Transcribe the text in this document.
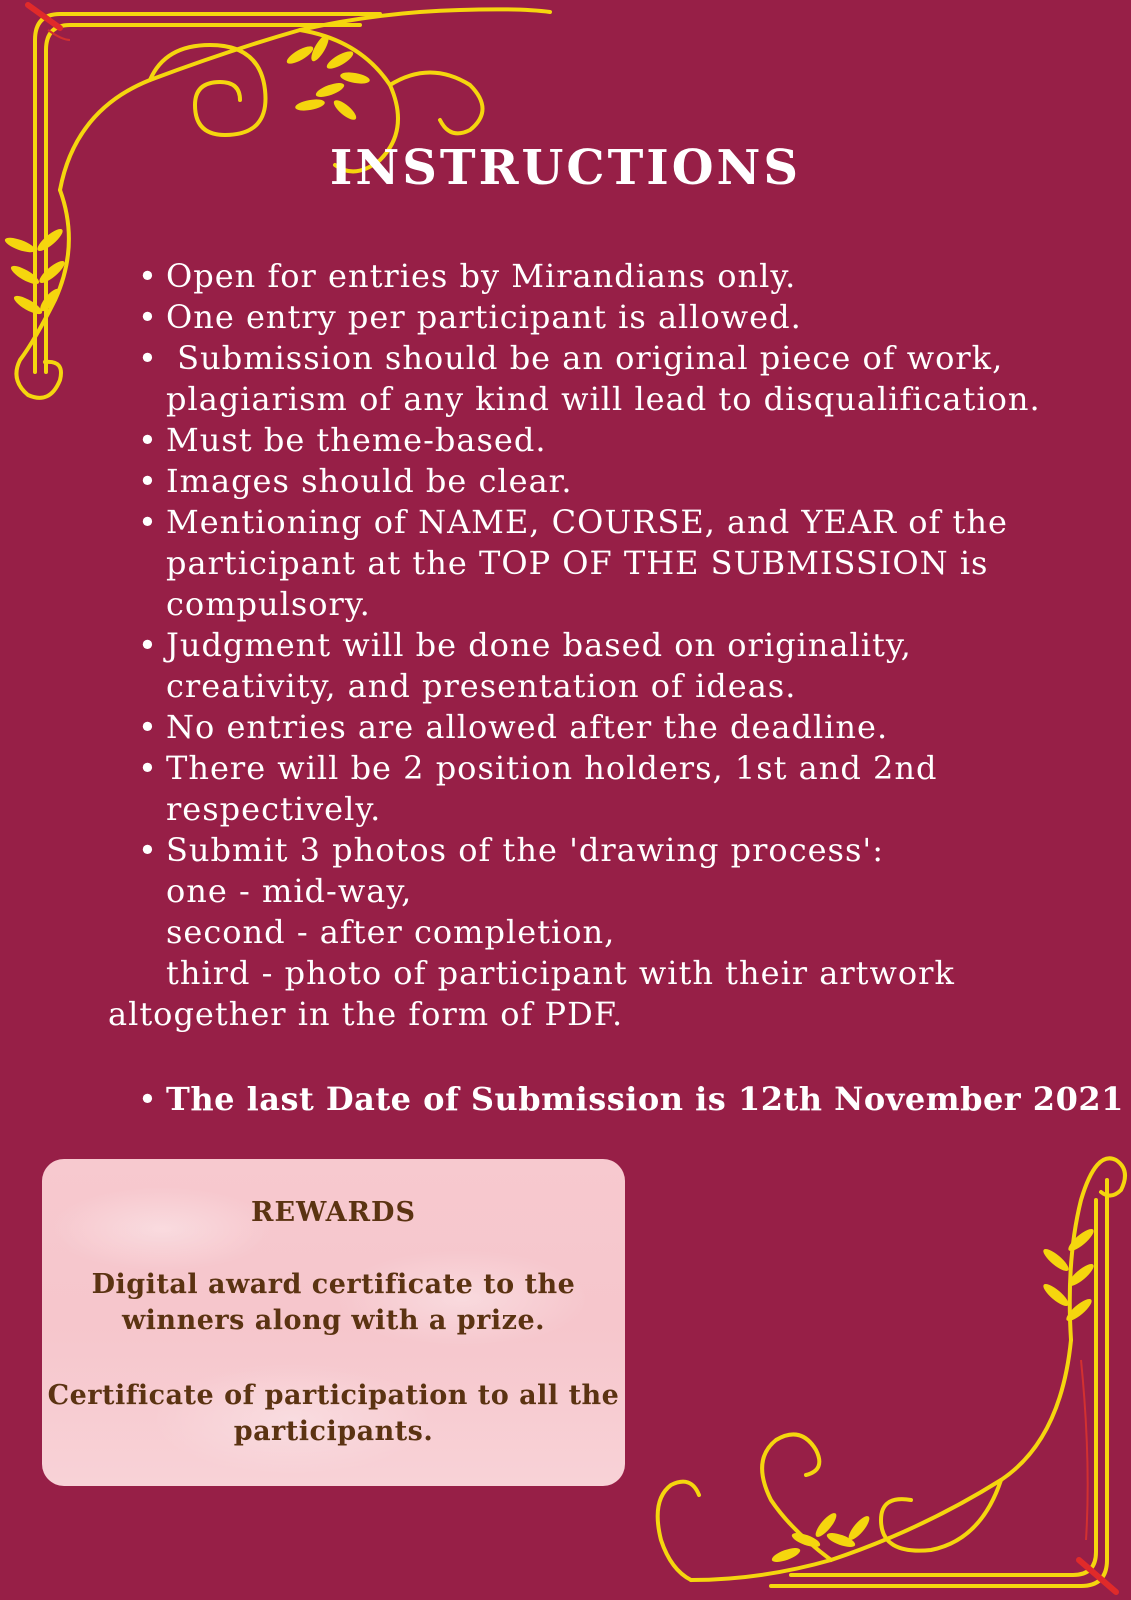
INSTRUCTIONS
• Open for entries by Mirandians only.
• One entry per participant is allowed.
• Submission should be an original piece of work,
plagiarism of any kind will lead to disqualification.
• Must be theme-based.
• Images should be clear.
• Mentioning of NAME, COURSE, and YEAR of the
participant at the TOP OF THE SUBMISSION is
compulsory.
• Judgment will be done based on originality,
creativity, and presentation of ideas.
• No entries are allowed after the deadline.
• There will be 2 position holders, 1st and 2nd
respectively.
• Submit 3 photos of the 'drawing process':
one - mid-way,
second - after completion,
third - photo of participant with their artwork
altogether in the form of PDF.
• The last Date of Submission is 12th November 2021
REWARDS
Digital award certificate to the winners along with a prize.
Certificate of participation to all the
participants.
